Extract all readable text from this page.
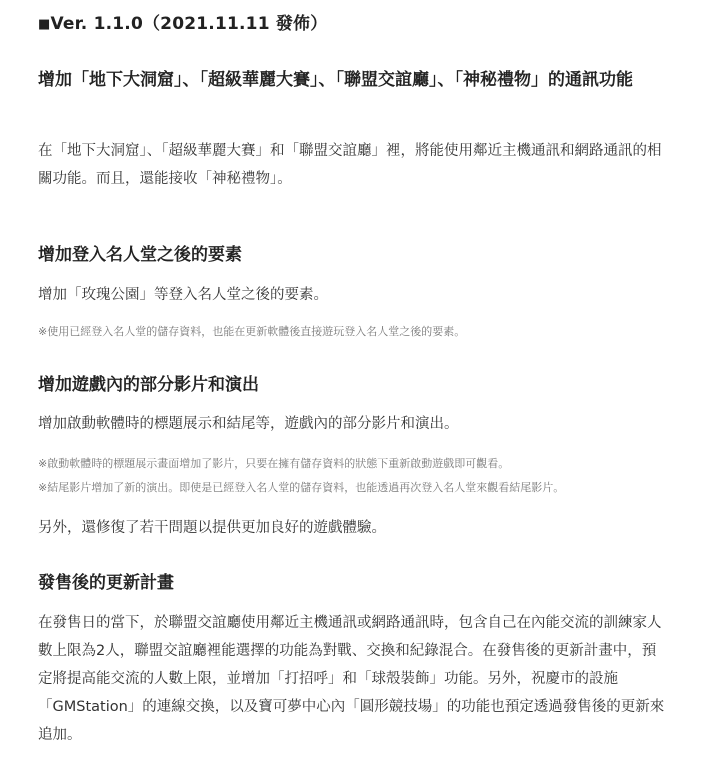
■Ver. 1.1.0（2021.11.11 發佈）
增加「地下大洞窟」、「超級華麗大賽」、「聯盟交誼廳」、「神秘禮物」的通訊功能
在「地下大洞窟」、「超級華麗大賽」和「聯盟交誼廳」裡，將能使用鄰近主機通訊和網路通訊的相關功能。而且，還能接收「神秘禮物」。
增加登入名人堂之後的要素
增加「玫瑰公園」等登入名人堂之後的要素。
※使用已經登入名人堂的儲存資料，也能在更新軟體後直接遊玩登入名人堂之後的要素。
增加遊戲內的部分影片和演出
增加啟動軟體時的標題展示和結尾等，遊戲內的部分影片和演出。
※啟動軟體時的標題展示畫面增加了影片，只要在擁有儲存資料的狀態下重新啟動遊戲即可觀看。
※結尾影片增加了新的演出。即使是已經登入名人堂的儲存資料，也能透過再次登入名人堂來觀看結尾影片。
另外，還修復了若干問題以提供更加良好的遊戲體驗。
發售後的更新計畫
在發售日的當下，於聯盟交誼廳使用鄰近主機通訊或網路通訊時，包含自己在內能交流的訓練家人數上限為2人，聯盟交誼廳裡能選擇的功能為對戰、交換和紀錄混合。在發售後的更新計畫中，預定將提高能交流的人數上限，並增加「打招呼」和「球殼裝飾」功能。另外，祝慶市的設施「GMStation」的連線交換，以及寶可夢中心內「圓形競技場」的功能也預定透過發售後的更新來追加。
